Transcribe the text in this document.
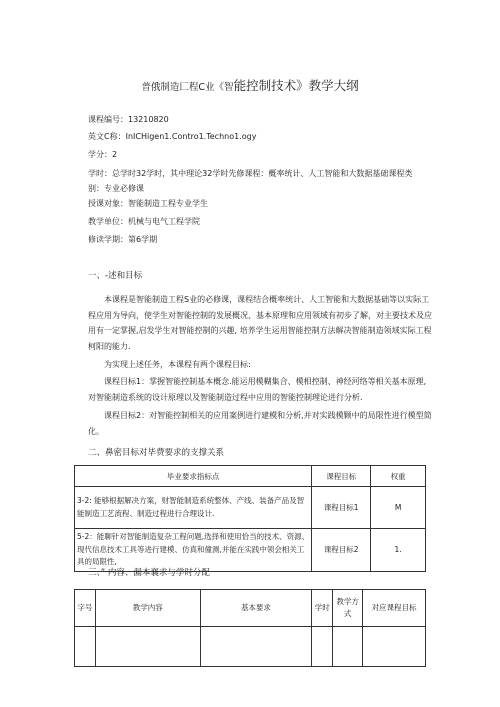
普俄制造匚程C业《智能控制技术》教学大纲
课程编号：13210820
英文C称：InICHigen1.Contro1.Techno1.ogy
学分：2
学时：总学时32学时，其中理论32学时先修课程：概率统计、人工智能和大数据基础课程类别：专业必修课
授课对象：智能制造工程专业学生
教学单位：机械与电气工程学院
修读学期：第6学期
一、-述和目标
本课程是智能制造工程S业的必修课，课程结合概率统计、人工智能和大数据基础等以实际工程应用为导向，使学生对智能控制的发展概况、基本原理和应用领域有初步了解，对主要技术及应用有一定掌握,启发学生对智能控制的兴趣, 培养学生运用智能控制方法解决智能制造领域实际工程柯阳的能力.
为实现上述任务，本课程有两个课程目标:
课程目标1：掌握智能控制基本概念.能运用模糊集合、模相控制、神经河络等相关基本原理,对智能制造系统的设计原理以及智能制造过程中应用的智能控制理论进行分析.
课程目标2：对智能控制相关的应用案例进行建模和分析,并对实践模颗中的局限性进行模型简化。
二、鼻密目标对毕费要求的支撑关系
毕业要求指标点	课程目标	权重
3-2: 能够根据解决方案，财智能制造系统整体、产线、装备产品及智能制造工艺流程、制造过程进行合理设计.	课程目标1	M
5-2：能聊针对智能制造复杂工程问题,选择和使用恰当的技术、资源、现代信息技术工具等进行建模、仿真和僮测,并能在实践中领会相关工具的局限性,	课程目标2	1.
三、” 内容、漏本襄求与学时分配
字号	教学内容	基本要求	学时	教学方式	对应课程目标
